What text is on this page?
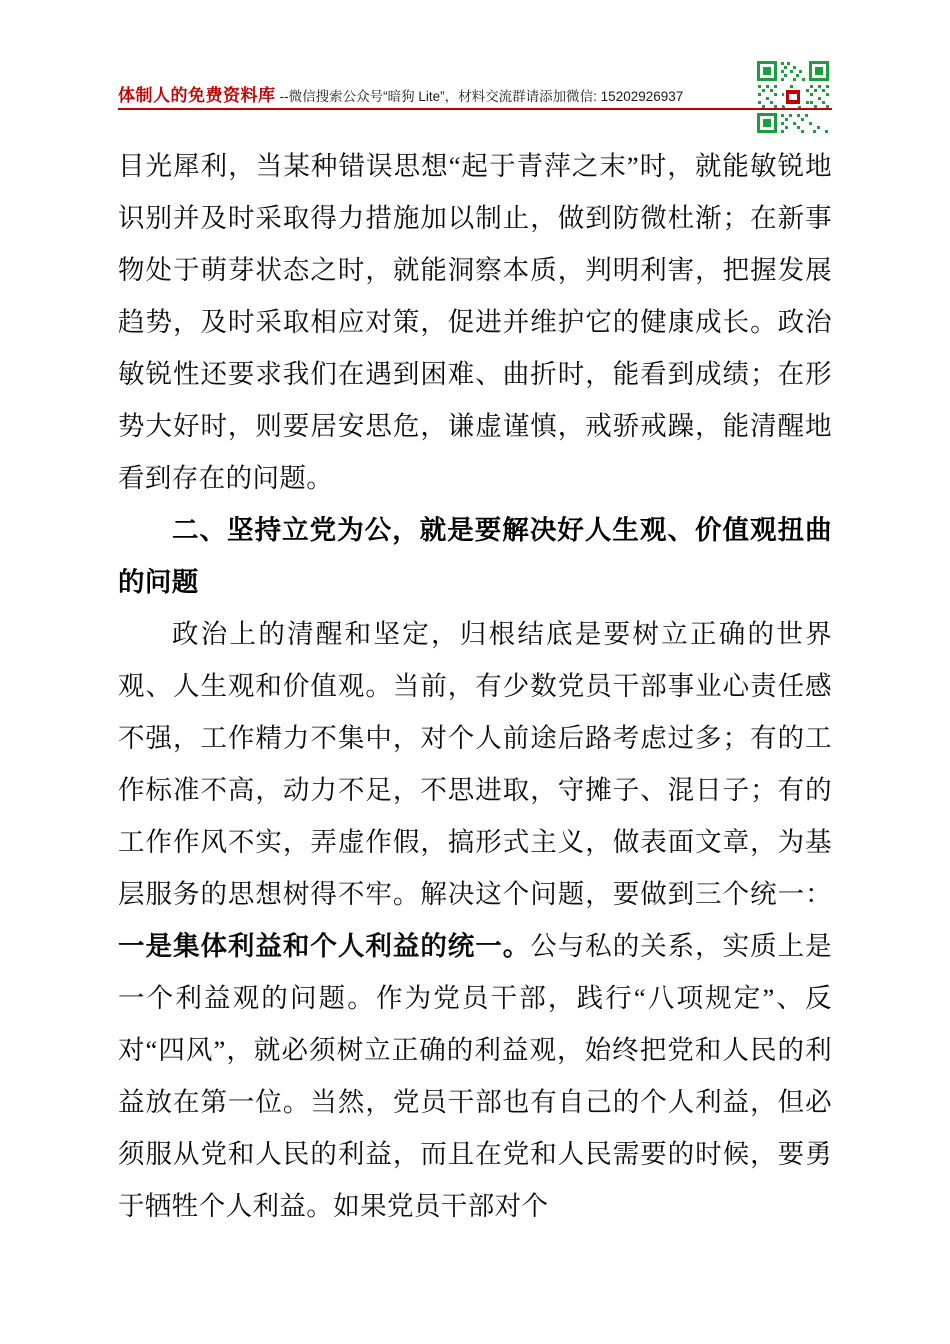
体制人的免费资料库 --微信搜索公众号“暗狗 Lite”，材料交流群请添加微信: 15202926937

目光犀利，当某种错误思想“起于青萍之末”时，就能敏锐地识别并及时采取得力措施加以制止，做到防微杜渐；在新事物处于萌芽状态之时，就能洞察本质，判明利害，把握发展趋势，及时采取相应对策，促进并维护它的健康成长。政治敏锐性还要求我们在遇到困难、曲折时，能看到成绩；在形势大好时，则要居安思危，谦虚谨慎，戒骄戒躁，能清醒地看到存在的问题。

二、坚持立党为公，就是要解决好人生观、价值观扭曲的问题

政治上的清醒和坚定，归根结底是要树立正确的世界观、人生观和价值观。当前，有少数党员干部事业心责任感不强，工作精力不集中，对个人前途后路考虑过多；有的工作标准不高，动力不足，不思进取，守摊子、混日子；有的工作作风不实，弄虚作假，搞形式主义，做表面文章，为基层服务的思想树得不牢。解决这个问题，要做到三个统一：一是集体利益和个人利益的统一。公与私的关系，实质上是一个利益观的问题。作为党员干部，践行“八项规定”、反对“四风”，就必须树立正确的利益观，始终把党和人民的利益放在第一位。当然，党员干部也有自己的个人利益，但必须服从党和人民的利益，而且在党和人民需要的时候，要勇于牺牲个人利益。如果党员干部对个
